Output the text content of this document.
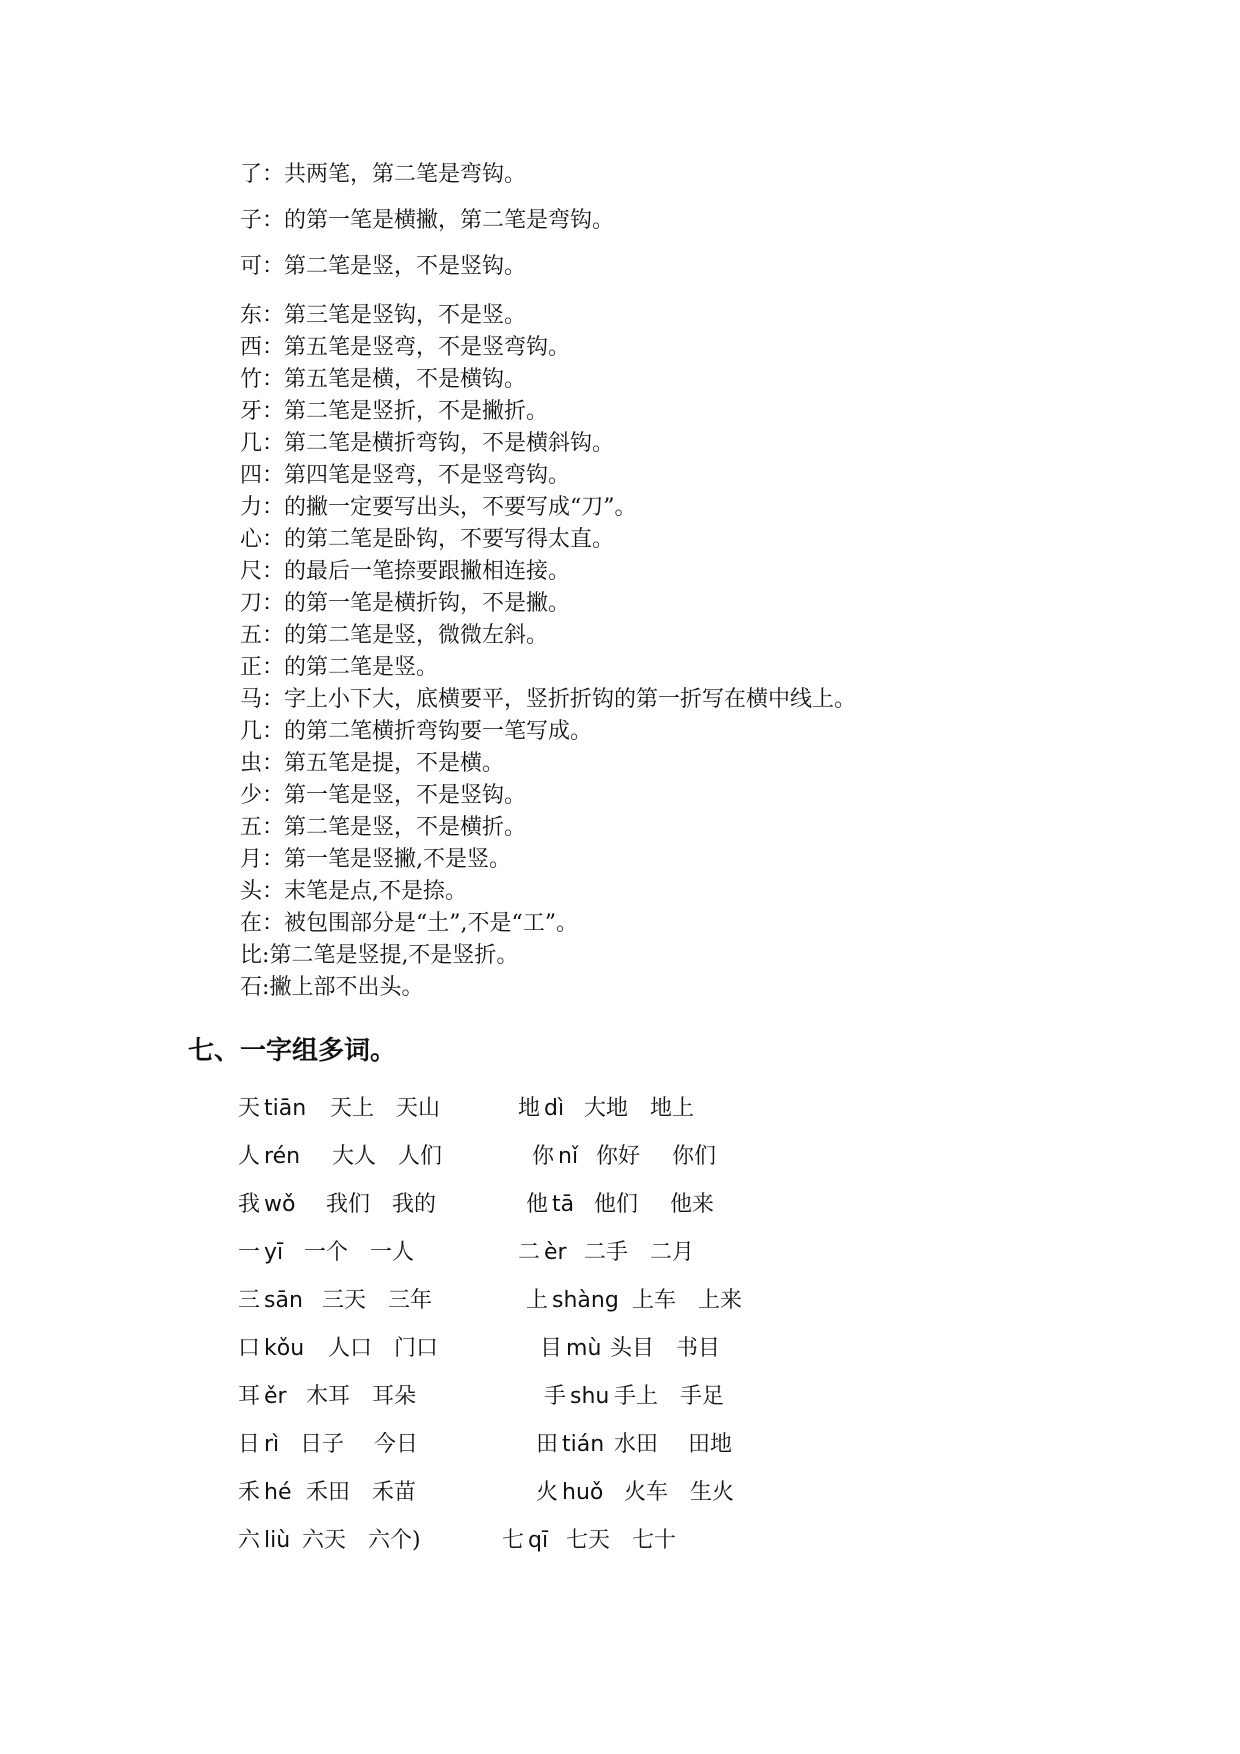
了：共两笔，第二笔是弯钩。
子：的第一笔是横撇，第二笔是弯钩。
可：第二笔是竖，不是竖钩。
东：第三笔是竖钩，不是竖。
西：第五笔是竖弯，不是竖弯钩。
竹：第五笔是横，不是横钩。
牙：第二笔是竖折，不是撇折。
几：第二笔是横折弯钩，不是横斜钩。
四：第四笔是竖弯，不是竖弯钩。
力：的撇一定要写出头，不要写成“刀”。
心：的第二笔是卧钩，不要写得太直。
尺：的最后一笔捺要跟撇相连接。
刀：的第一笔是横折钩，不是撇。
五：的第二笔是竖，微微左斜。
正：的第二笔是竖。
马：字上小下大，底横要平，竖折折钩的第一折写在横中线上。
几：的第二笔横折弯钩要一笔写成。
虫：第五笔是提，不是横。
少：第一笔是竖，不是竖钩。
五：第二笔是竖，不是横折。
月：第一笔是竖撇,不是竖。
头：末笔是点,不是捺。
在：被包围部分是“土”,不是“工”。
比:第二笔是竖提,不是竖折。
石:撇上部不出头。
七、一字组多词。
天 tiān 天上 天山
人 rén 大人 人们
我 wǒ 我们 我的
一 yī 一个 一人
三 sān 三天 三年
口 kǒu 人口 门口
耳 ěr 木耳 耳朵
日 rì 日子 今日
禾 hé 禾田 禾苗
六 liù 六天 六个)
地 dì 大地 地上
你 nǐ 你好 你们
他 tā 他们 他来
二 èr 二手 二月
上 shàng 上车 上来
目 mù 头目 书目
手 shu 手上 手足
田 tián 水田 田地
火 huǒ 火车 生火
七 qī 七天 七十
